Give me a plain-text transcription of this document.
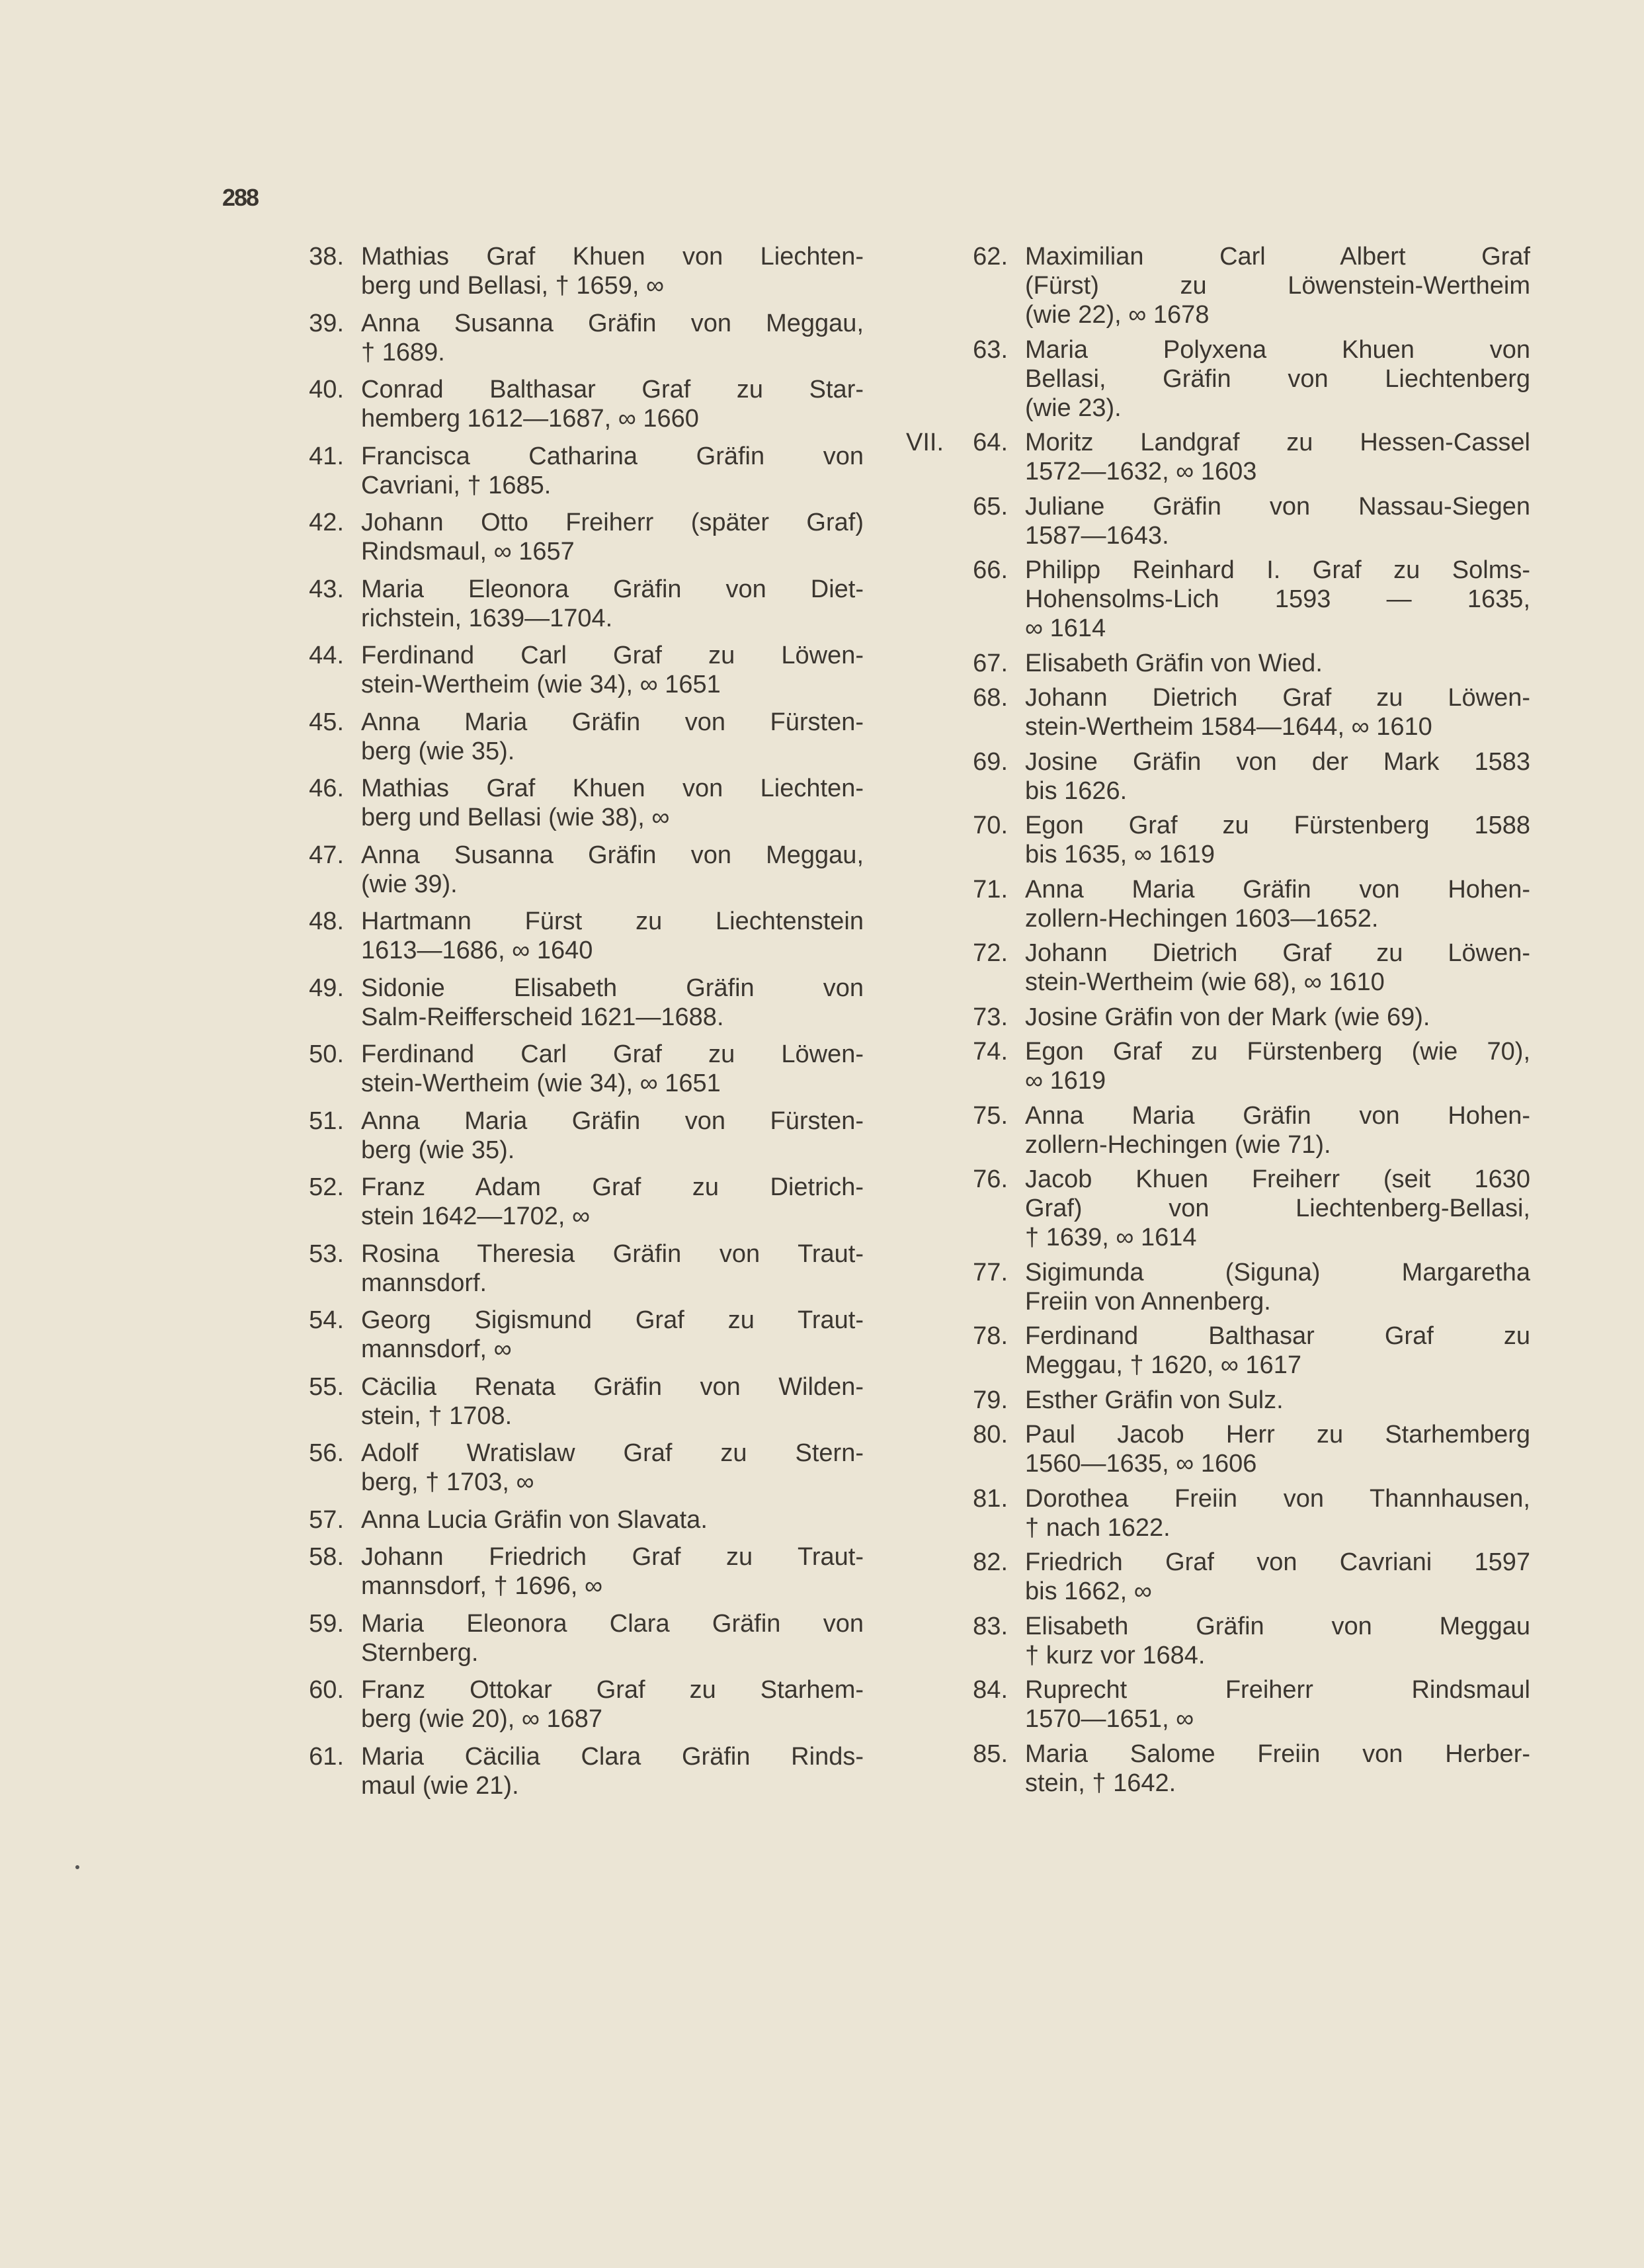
288
38. Mathias Graf Khuen von Liechten-
berg und Bellasi, † 1659, ∞
39. Anna Susanna Gräfin von Meggau,
† 1689.
40. Conrad Balthasar Graf zu Star-
hemberg 1612—1687, ∞ 1660
41. Francisca Catharina Gräfin von
Cavriani, † 1685.
42. Johann Otto Freiherr (später Graf)
Rindsmaul, ∞ 1657
43. Maria Eleonora Gräfin von Diet-
richstein, 1639—1704.
44. Ferdinand Carl Graf zu Löwen-
stein-Wertheim (wie 34), ∞ 1651
45. Anna Maria Gräfin von Fürsten-
berg (wie 35).
46. Mathias Graf Khuen von Liechten-
berg und Bellasi (wie 38), ∞
47. Anna Susanna Gräfin von Meggau,
(wie 39).
48. Hartmann Fürst zu Liechtenstein
1613—1686, ∞ 1640
49. Sidonie Elisabeth Gräfin von
Salm-Reifferscheid 1621—1688.
50. Ferdinand Carl Graf zu Löwen-
stein-Wertheim (wie 34), ∞ 1651
51. Anna Maria Gräfin von Fürsten-
berg (wie 35).
52. Franz Adam Graf zu Dietrich-
stein 1642—1702, ∞
53. Rosina Theresia Gräfin von Traut-
mannsdorf.
54. Georg Sigismund Graf zu Traut-
mannsdorf, ∞
55. Cäcilia Renata Gräfin von Wilden-
stein, † 1708.
56. Adolf Wratislaw Graf zu Stern-
berg, † 1703, ∞
57. Anna Lucia Gräfin von Slavata.
58. Johann Friedrich Graf zu Traut-
mannsdorf, † 1696, ∞
59. Maria Eleonora Clara Gräfin von
Sternberg.
60. Franz Ottokar Graf zu Starhem-
berg (wie 20), ∞ 1687
61. Maria Cäcilia Clara Gräfin Rinds-
maul (wie 21).
62. Maximilian Carl Albert Graf
(Fürst) zu Löwenstein-Wertheim
(wie 22), ∞ 1678
63. Maria Polyxena Khuen von
Bellasi, Gräfin von Liechtenberg
(wie 23).
VII.	64. Moritz Landgraf zu Hessen-Cassel
1572—1632, ∞ 1603
65. Juliane Gräfin von Nassau-Siegen
1587—1643.
66. Philipp Reinhard I. Graf zu Solms-
Hohensolms-Lich 1593 — 1635,
∞ 1614
67. Elisabeth Gräfin von Wied.
68. Johann Dietrich Graf zu Löwen-
stein-Wertheim 1584—1644, ∞ 1610
69. Josine Gräfin von der Mark 1583
bis 1626.
70. Egon Graf zu Fürstenberg 1588
bis 1635, ∞ 1619
71. Anna Maria Gräfin von Hohen-
zollern-Hechingen 1603—1652.
72. Johann Dietrich Graf zu Löwen-
stein-Wertheim (wie 68), ∞ 1610
73. Josine Gräfin von der Mark (wie 69).
74. Egon Graf zu Fürstenberg (wie 70),
∞ 1619
75. Anna Maria Gräfin von Hohen-
zollern-Hechingen (wie 71).
76. Jacob Khuen Freiherr (seit 1630
Graf) von Liechtenberg-Bellasi,
† 1639, ∞ 1614
77. Sigimunda (Siguna) Margaretha
Freiin von Annenberg.
78. Ferdinand Balthasar Graf zu
Meggau, † 1620, ∞ 1617
79. Esther Gräfin von Sulz.
80. Paul Jacob Herr zu Starhemberg
1560—1635, ∞ 1606
81. Dorothea Freiin von Thannhausen,
† nach 1622.
82. Friedrich Graf von Cavriani 1597
bis 1662, ∞
83. Elisabeth Gräfin von Meggau
† kurz vor 1684.
84. Ruprecht Freiherr Rindsmaul
1570—1651, ∞
85. Maria Salome Freiin von Herber-
stein, † 1642.
